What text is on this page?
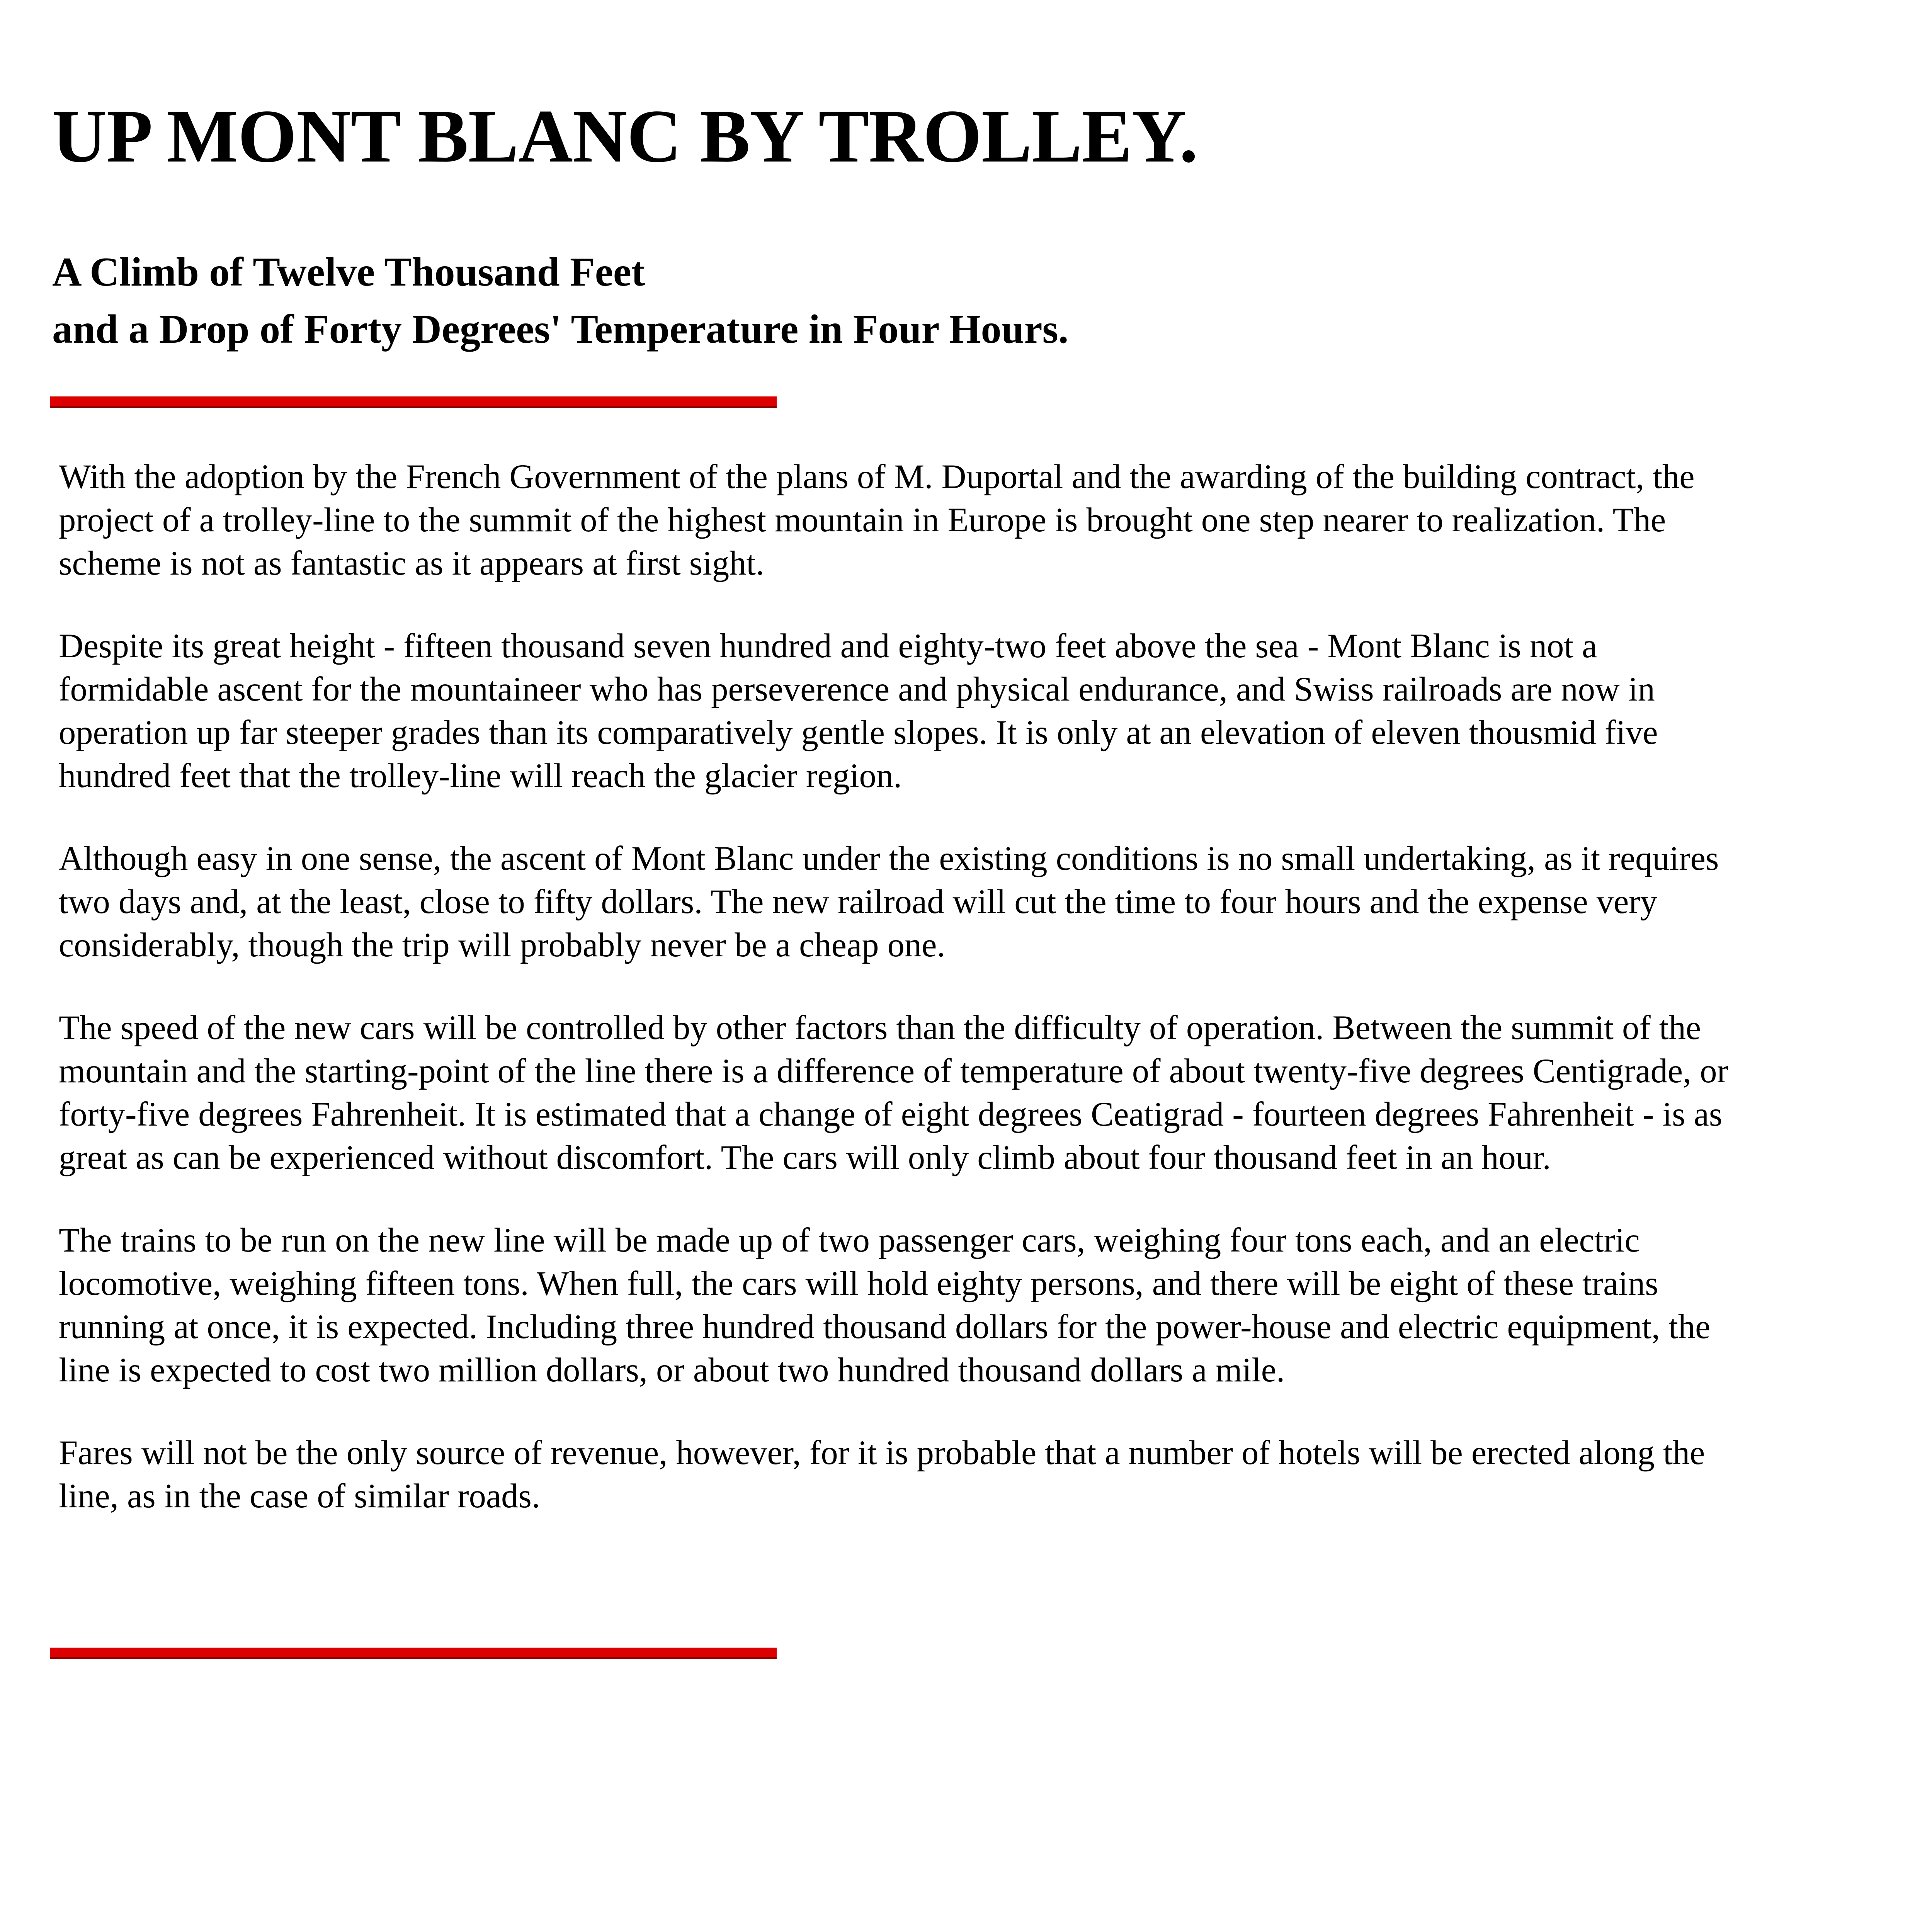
UP MONT BLANC BY TROLLEY.
A Climb of Twelve Thousand Feet
and a Drop of Forty Degrees' Temperature in Four Hours.

With the adoption by the French Government of the plans of M. Duportal and the awarding of the building contract, the project of a trolley-line to the summit of the highest mountain in Europe is brought one step nearer to realization. The scheme is not as fantastic as it appears at first sight.

Despite its great height - fifteen thousand seven hundred and eighty-two feet above the sea - Mont Blanc is not a formidable ascent for the mountaineer who has perseverence and physical endurance, and Swiss railroads are now in operation up far steeper grades than its comparatively gentle slopes. It is only at an elevation of eleven thousmid five hundred feet that the trolley-line will reach the glacier region.

Although easy in one sense, the ascent of Mont Blanc under the existing conditions is no small undertaking, as it requires two days and, at the least, close to fifty dollars. The new railroad will cut the time to four hours and the expense very considerably, though the trip will probably never be a cheap one.

The speed of the new cars will be controlled by other factors than the difficulty of operation. Between the summit of the mountain and the starting-point of the line there is a difference of temperature of about twenty-five degrees Centigrade, or forty-five degrees Fahrenheit. It is estimated that a change of eight degrees Ceatigrad - fourteen degrees Fahrenheit - is as great as can be experienced without discomfort. The cars will only climb about four thousand feet in an hour.

The trains to be run on the new line will be made up of two passenger cars, weighing four tons each, and an electric locomotive, weighing fifteen tons. When full, the cars will hold eighty persons, and there will be eight of these trains running at once, it is expected. Including three hundred thousand dollars for the power-house and electric equipment, the line is expected to cost two million dollars, or about two hundred thousand dollars a mile.

Fares will not be the only source of revenue, however, for it is probable that a number of hotels will be erected along the line, as in the case of similar roads.
